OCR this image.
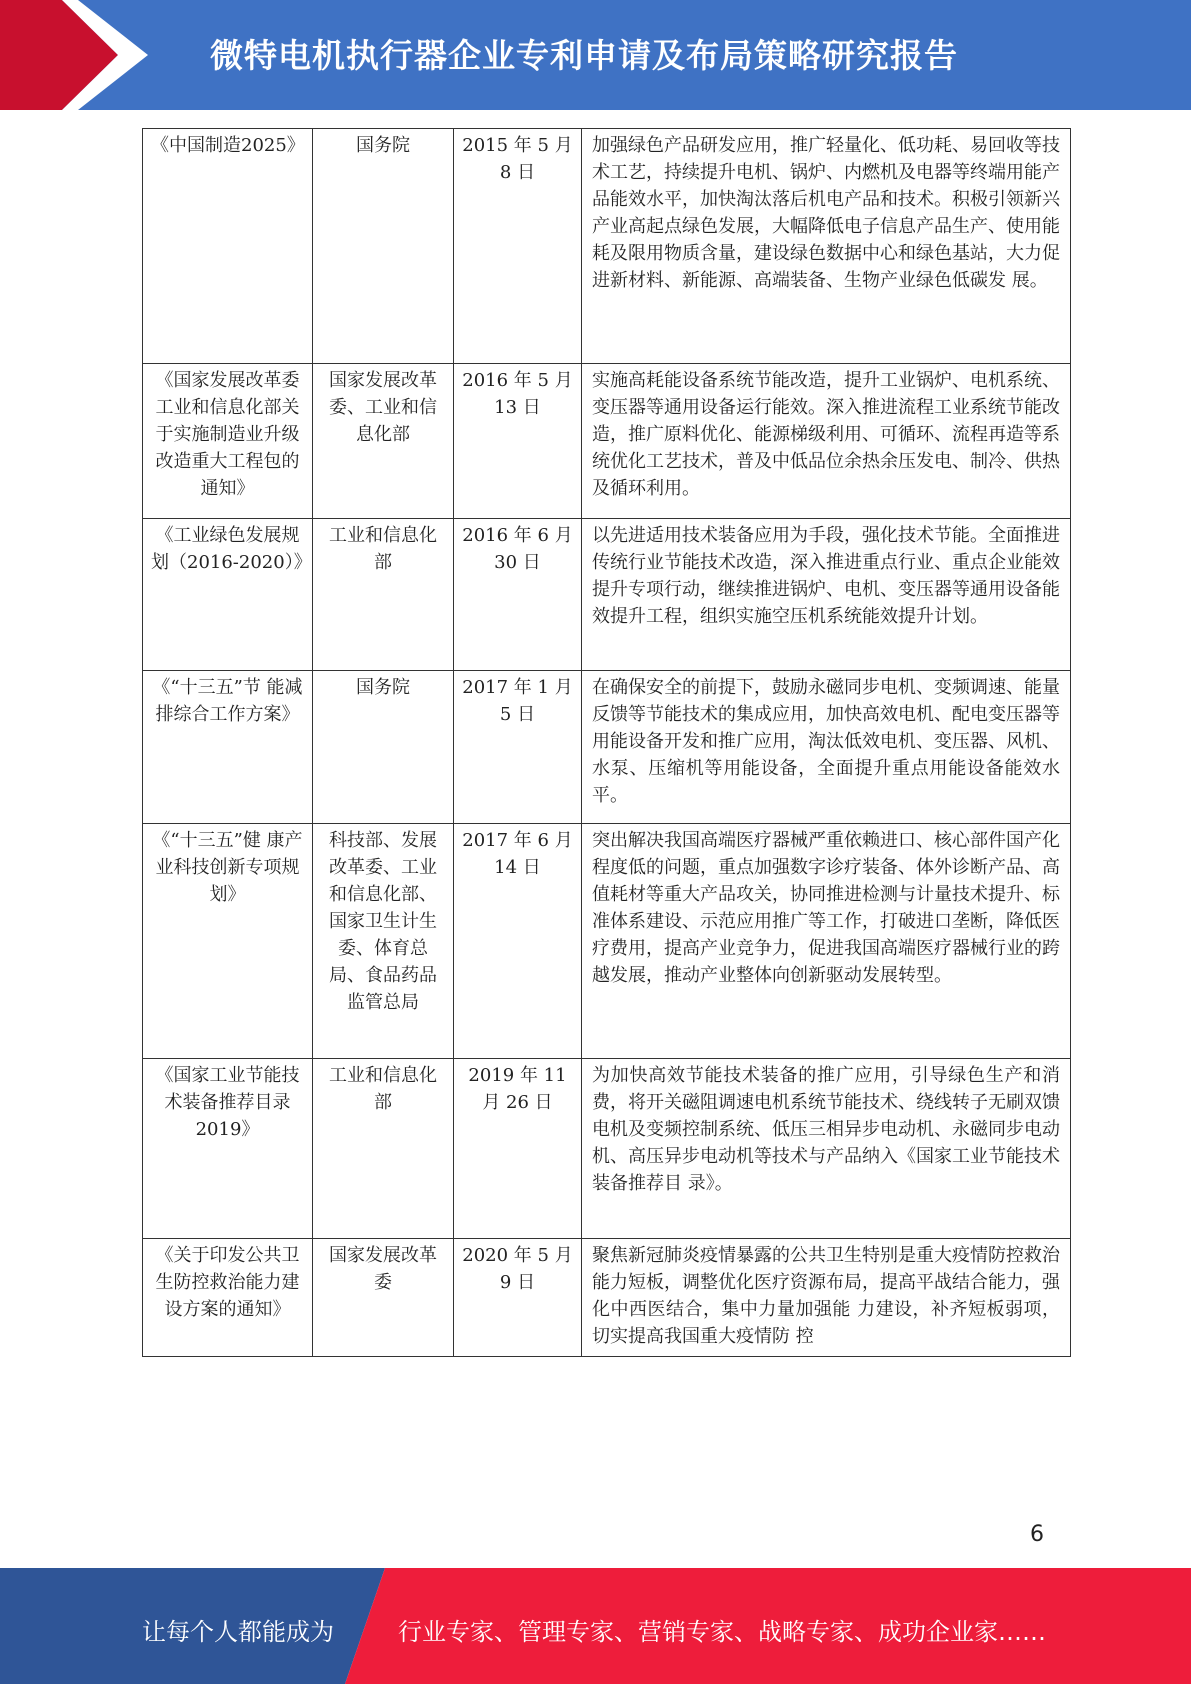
微特电机执行器企业专利申请及布局策略研究报告
《中国制造2025》	国务院	2015 年 5 月 8 日	加强绿色产品研发应用，推广轻量化、低功耗、易回收等技术工艺，持续提升电机、锅炉、内燃机及电器等终端用能产品能效水平，加快淘汰落后机电产品和技术。积极引领新兴产业高起点绿色发展，大幅降低电子信息产品生产、使用能耗及限用物质含量，建设绿色数据中心和绿色基站，大力促进新材料、新能源、高端装备、生物产业绿色低碳发 展。
《国家发展改革委工业和信息化部关于实施制造业升级改造重大工程包的通知》	国家发展改革委、工业和信息化部	2016 年 5 月 13 日	实施高耗能设备系统节能改造，提升工业锅炉、电机系统、变压器等通用设备运行能效。深入推进流程工业系统节能改造，推广原料优化、能源梯级利用、可循环、流程再造等系统优化工艺技术，普及中低品位余热余压发电、制冷、供热及循环利用。
《工业绿色发展规划（2016-2020）》	工业和信息化部	2016 年 6 月 30 日	以先进适用技术装备应用为手段，强化技术节能。全面推进传统行业节能技术改造，深入推进重点行业、重点企业能效提升专项行动，继续推进锅炉、电机、变压器等通用设备能效提升工程，组织实施空压机系统能效提升计划。
《“十三五”节 能减排综合工作方案》	国务院	2017 年 1 月 5 日	在确保安全的前提下，鼓励永磁同步电机、变频调速、能量反馈等节能技术的集成应用，加快高效电机、配电变压器等用能设备开发和推广应用，淘汰低效电机、变压器、风机、水泵、压缩机等用能设备，全面提升重点用能设备能效水平。
《“十三五”健 康产业科技创新专项规划》	科技部、发展改革委、工业和信息化部、国家卫生计生委、体育总局、食品药品监管总局	2017 年 6 月 14 日	突出解决我国高端医疗器械严重依赖进口、核心部件国产化程度低的问题，重点加强数字诊疗装备、体外诊断产品、高值耗材等重大产品攻关，协同推进检测与计量技术提升、标准体系建设、示范应用推广等工作，打破进口垄断，降低医疗费用，提高产业竞争力，促进我国高端医疗器械行业的跨越发展，推动产业整体向创新驱动发展转型。
《国家工业节能技术装备推荐目录 2019》	工业和信息化部	2019 年 11 月 26 日	为加快高效节能技术装备的推广应用，引导绿色生产和消费，将开关磁阻调速电机系统节能技术、绕线转子无刷双馈电机及变频控制系统、低压三相异步电动机、永磁同步电动机、高压异步电动机等技术与产品纳入《国家工业节能技术装备推荐目 录》。
《关于印发公共卫生防控救治能力建设方案的通知》	国家发展改革委	2020 年 5 月 9 日	聚焦新冠肺炎疫情暴露的公共卫生特别是重大疫情防控救治能力短板，调整优化医疗资源布局，提高平战结合能力，强化中西医结合，集中力量加强能 力建设，补齐短板弱项，切实提高我国重大疫情防 控
6
让每个人都能成为	行业专家、管理专家、营销专家、战略专家、成功企业家……
